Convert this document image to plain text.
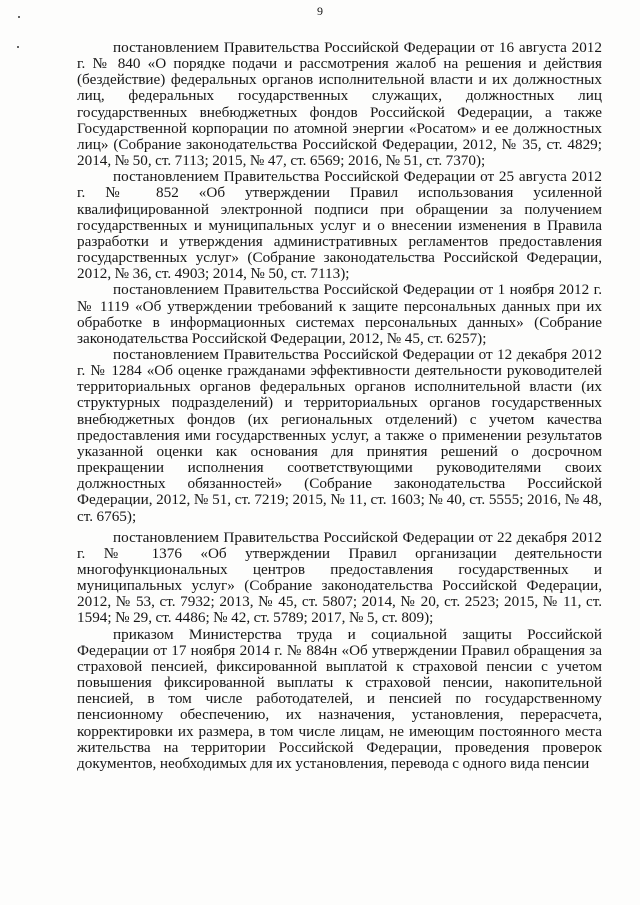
9

постановлением Правительства Российской Федерации от 16 августа 2012 г. № 840 «О порядке подачи и рассмотрения жалоб на решения и действия (бездействие) федеральных органов исполнительной власти и их должностных лиц, федеральных государственных служащих, должностных лиц государственных внебюджетных фондов Российской Федерации, а также Государственной корпорации по атомной энергии «Росатом» и ее должностных лиц» (Собрание законодательства Российской Федерации, 2012, № 35, ст. 4829; 2014, № 50, ст. 7113; 2015, № 47, ст. 6569; 2016, № 51, ст. 7370);

постановлением Правительства Российской Федерации от 25 августа 2012 г. № 852 «Об утверждении Правил использования усиленной квалифицированной электронной подписи при обращении за получением государственных и муниципальных услуг и о внесении изменения в Правила разработки и утверждения административных регламентов предоставления государственных услуг» (Собрание законодательства Российской Федерации, 2012, № 36, ст. 4903; 2014, № 50, ст. 7113);

постановлением Правительства Российской Федерации от 1 ноября 2012 г. № 1119 «Об утверждении требований к защите персональных данных при их обработке в информационных системах персональных данных» (Собрание законодательства Российской Федерации, 2012, № 45, ст. 6257);

постановлением Правительства Российской Федерации от 12 декабря 2012 г. № 1284 «Об оценке гражданами эффективности деятельности руководителей территориальных органов федеральных органов исполнительной власти (их структурных подразделений) и территориальных органов государственных внебюджетных фондов (их региональных отделений) с учетом качества предоставления ими государственных услуг, а также о применении результатов указанной оценки как основания для принятия решений о досрочном прекращении исполнения соответствующими руководителями своих должностных обязанностей» (Собрание законодательства Российской Федерации, 2012, № 51, ст. 7219; 2015, № 11, ст. 1603; № 40, ст. 5555; 2016, № 48, ст. 6765);

постановлением Правительства Российской Федерации от 22 декабря 2012 г. № 1376 «Об утверждении Правил организации деятельности многофункциональных центров предоставления государственных и муниципальных услуг» (Собрание законодательства Российской Федерации, 2012, № 53, ст. 7932; 2013, № 45, ст. 5807; 2014, № 20, ст. 2523; 2015, № 11, ст. 1594; № 29, ст. 4486; № 42, ст. 5789; 2017, № 5, ст. 809);

приказом Министерства труда и социальной защиты Российской Федерации от 17 ноября 2014 г. № 884н «Об утверждении Правил обращения за страховой пенсией, фиксированной выплатой к страховой пенсии с учетом повышения фиксированной выплаты к страховой пенсии, накопительной пенсией, в том числе работодателей, и пенсией по государственному пенсионному обеспечению, их назначения, установления, перерасчета, корректировки их размера, в том числе лицам, не имеющим постоянного места жительства на территории Российской Федерации, проведения проверок документов, необходимых для их установления, перевода с одного вида пенсии
